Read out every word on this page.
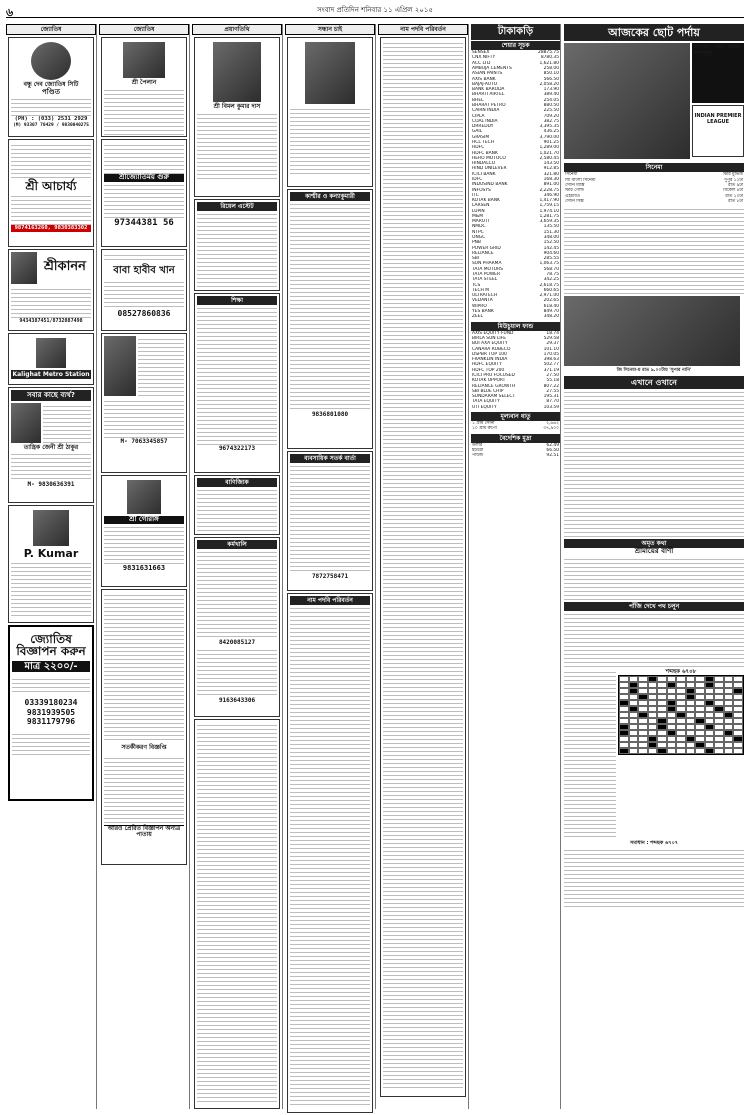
৬	সংবাদ প্রতিদিন শনিবার ১১ এপ্রিল ২০১৫
জ্যোতিষ
বন্ধু দেব জ্যোতিষ সিটি
পণ্ডিত
(PH) : (033) 2531 2929
(M) 93307 70429 / 9830040275
শ্রী আচার্য্য
9874163260, 9830383302
শ্রীকানন
9434387451/8732087498
Kalighat Metro Station
সবার কাছে ব্যর্থ?
তান্ত্রিক জেনী শ্রী ঠাকুর
M- 9830636391
P. Kumar
জ্যোতিষ বিজ্ঞাপন করুন
মাত্র ২২০০/-
03339180234
9831939505
9831179796
জ্যোতিষ
শ্রী পৈলান
শ্রীজ্যোতির্ময় গুরু
97344381 56
বাবা হাবীব খান
08527860836
M- 7063345857
শ্রী গৌরাঙ্গ
9831631663
সতর্কীকরণ বিজ্ঞপ্তি
আরও প্রেরিত বিজ্ঞাপন অন্যত্র পাতায়
প্রয়াণতিথি
শ্রী বিমল কুমার দাস
রিয়েল এস্টেট
শিক্ষা
9674322173
বাণিজ্যিক
কর্মখালি
8420085127
9163643306
সন্ধান চাই
কাশ্মীর ও কন্যাকুমারী
9836801080
ব্যবসায়িক সতর্ক বার্তা
7872758471
নাম পদবি পরিবর্তন
নাম পদবি পরিবর্তন	টাকাকড়ি
শেয়ার সূচক
SENSEX	28875.75
CNX NIFTY	8780.35
ACC LTD	1,621.80
AMBUJA CEMENTS	258.00
ASIAN PAINTS	850.10
AXIS BANK	566.50
BAJAJ-AUTO	2,058.20
BANK BARODA	173.90
BHARTI AIRTEL	389.40
BHEL	254.05
BHARAT PETRO	880.50
CAIRN INDIA	225.50
CIPLA	709.20
COAL INDIA	382.75
DRREDDY	3,395.35
GAIL	436.25
GRASIM	3,790.00
HCL TECH	901.25
HDFC	1,289.00
HDFC BANK	1,021.70
HERO MOTOCO	2,580.45
HINDALCO	143.50
HIND UNILEVER	912.85
ICICI BANK	321.80
IDFC	168.30
INDUSIND BANK	891.00
INFOSYS	2,228.75
ITC	346.90
KOTAK BANK	1,417.90
LARSEN	1,759.15
LUPIN	1,974.10
M&M	1,281.75
MARUTI	3,659.35
NMDC	135.50
NTPC	151.30
ONGC	348.00
PNB	152.50
POWER GRID	142.45
RELIANCE	904.60
SBI	285.55
SUN PHARMA	1,063.75
TATA MOTORS	568.70
TATA POWER	78.75
TATA STEEL	342.25
TCS	2,618.75
TECH M	660.65
ULTRATECH	2,971.00
VEDANTA	202.65
WIPRO	618.40
YES BANK	849.70
ZEEL	348.20
মিউচুয়াল ফান্ড
AXIS EQUITY FUND	18.74
BIRLA SUN LIFE	529.58
BOI AXA EQUITY	29.37
CANARA ROBECO	101.10
DSPBR TOP 100	170.05
FRANKLIN INDIA	398.63
HDFC EQUITY	502.77
HDFC TOP 200	371.19
ICICI PRU FOCUSED	27.50
KOTAK OPPORT	55.18
RELIANCE GROWTH	807.22
SBI BLUE CHIP	27.55
SUNDARAM SELECT	195.31
TATA EQUITY	87.70
UTI EQUITY	103.59
মূল্যবান ধাতু
১ গ্রাম সোনা	২,৬৬২
১০ গ্রাম রুপো	৩৭,৯০০
বৈদেশিক মুদ্রা
ডলার	62.49
ইউরো	66.50
পাউন্ড	92.51
আজকের ছোট পর্দায়
কলকাতা নাইট রাইডার্স বনাম মুম্বই
INDIAN PREMIER LEAGUE
সিনেমা
সিনেমা	স্টার মুভিজ
জি বাংলা সিনেমা	দুপুর ১২টা
সোনি ম্যাক্স	রাত ৯টা
স্টার গোল্ড	বিকেল ৪টা
এইচবিও	রাত ১০টা
সোনি সিক্স	রাত ৮টা
জি সিনেমা-য় রাত ৯.০০টায় 'সুপার নানি'
এখানে ওখানে
অমৃত কথা
শ্রীমায়ের বাণী
পাঁজি দেখে পথ চলুন
শব্দছক ৬৭০৮
সমাধান : শব্দছক ৬৭০৭
